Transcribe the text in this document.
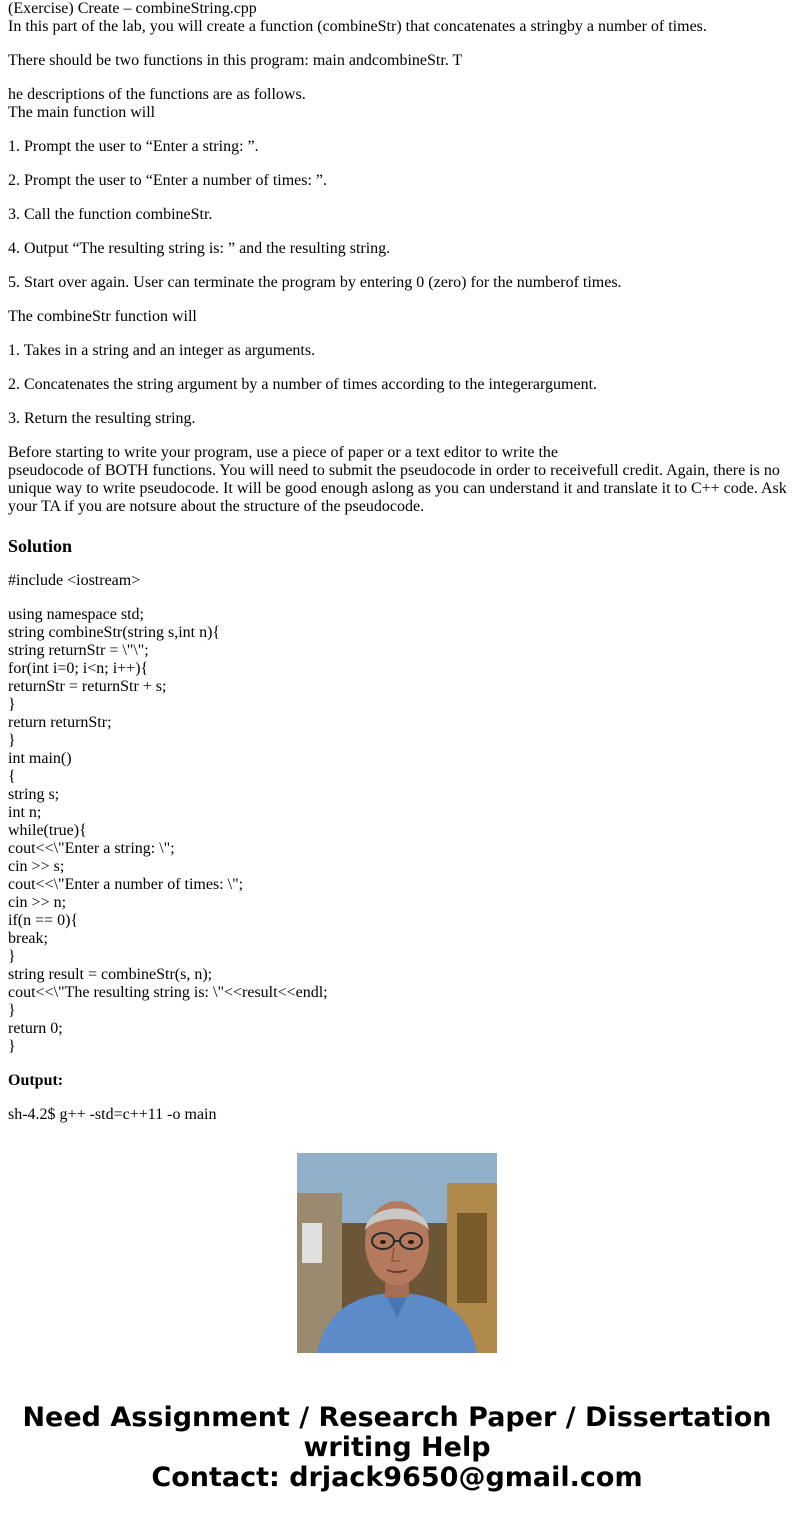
(Exercise) Create – combineString.cpp
In this part of the lab, you will create a function (combineStr) that concatenates a stringby a number of times.
There should be two functions in this program: main andcombineStr. T
he descriptions of the functions are as follows.
The main function will
1. Prompt the user to “Enter a string: ”.
2. Prompt the user to “Enter a number of times: ”.
3. Call the function combineStr.
4. Output “The resulting string is: ” and the resulting string.
5. Start over again. User can terminate the program by entering 0 (zero) for the numberof times.
The combineStr function will
1. Takes in a string and an integer as arguments.
2. Concatenates the string argument by a number of times according to the integerargument.
3. Return the resulting string.
Before starting to write your program, use a piece of paper or a text editor to write the
pseudocode of BOTH functions. You will need to submit the pseudocode in order to receivefull credit. Again, there is no unique way to write pseudocode. It will be good enough aslong as you can understand it and translate it to C++ code. Ask your TA if you are notsure about the structure of the pseudocode.
Solution
#include <iostream>
using namespace std;
string combineStr(string s,int n){
string returnStr = \"\";
for(int i=0; i<n; i++){
returnStr = returnStr + s;
}
return returnStr;
}
int main()
{
string s;
int n;
while(true){
cout<<\"Enter a string: \";
cin >> s;
cout<<\"Enter a number of times: \";
cin >> n;
if(n == 0){
break;
}
string result = combineStr(s, n);
cout<<\"The resulting string is: \"<<result<<endl;
}
return 0;
}
Output:
sh-4.2$ g++ -std=c++11 -o main
Need Assignment / Research Paper / Dissertation
writing Help
Contact: drjack9650@gmail.com
